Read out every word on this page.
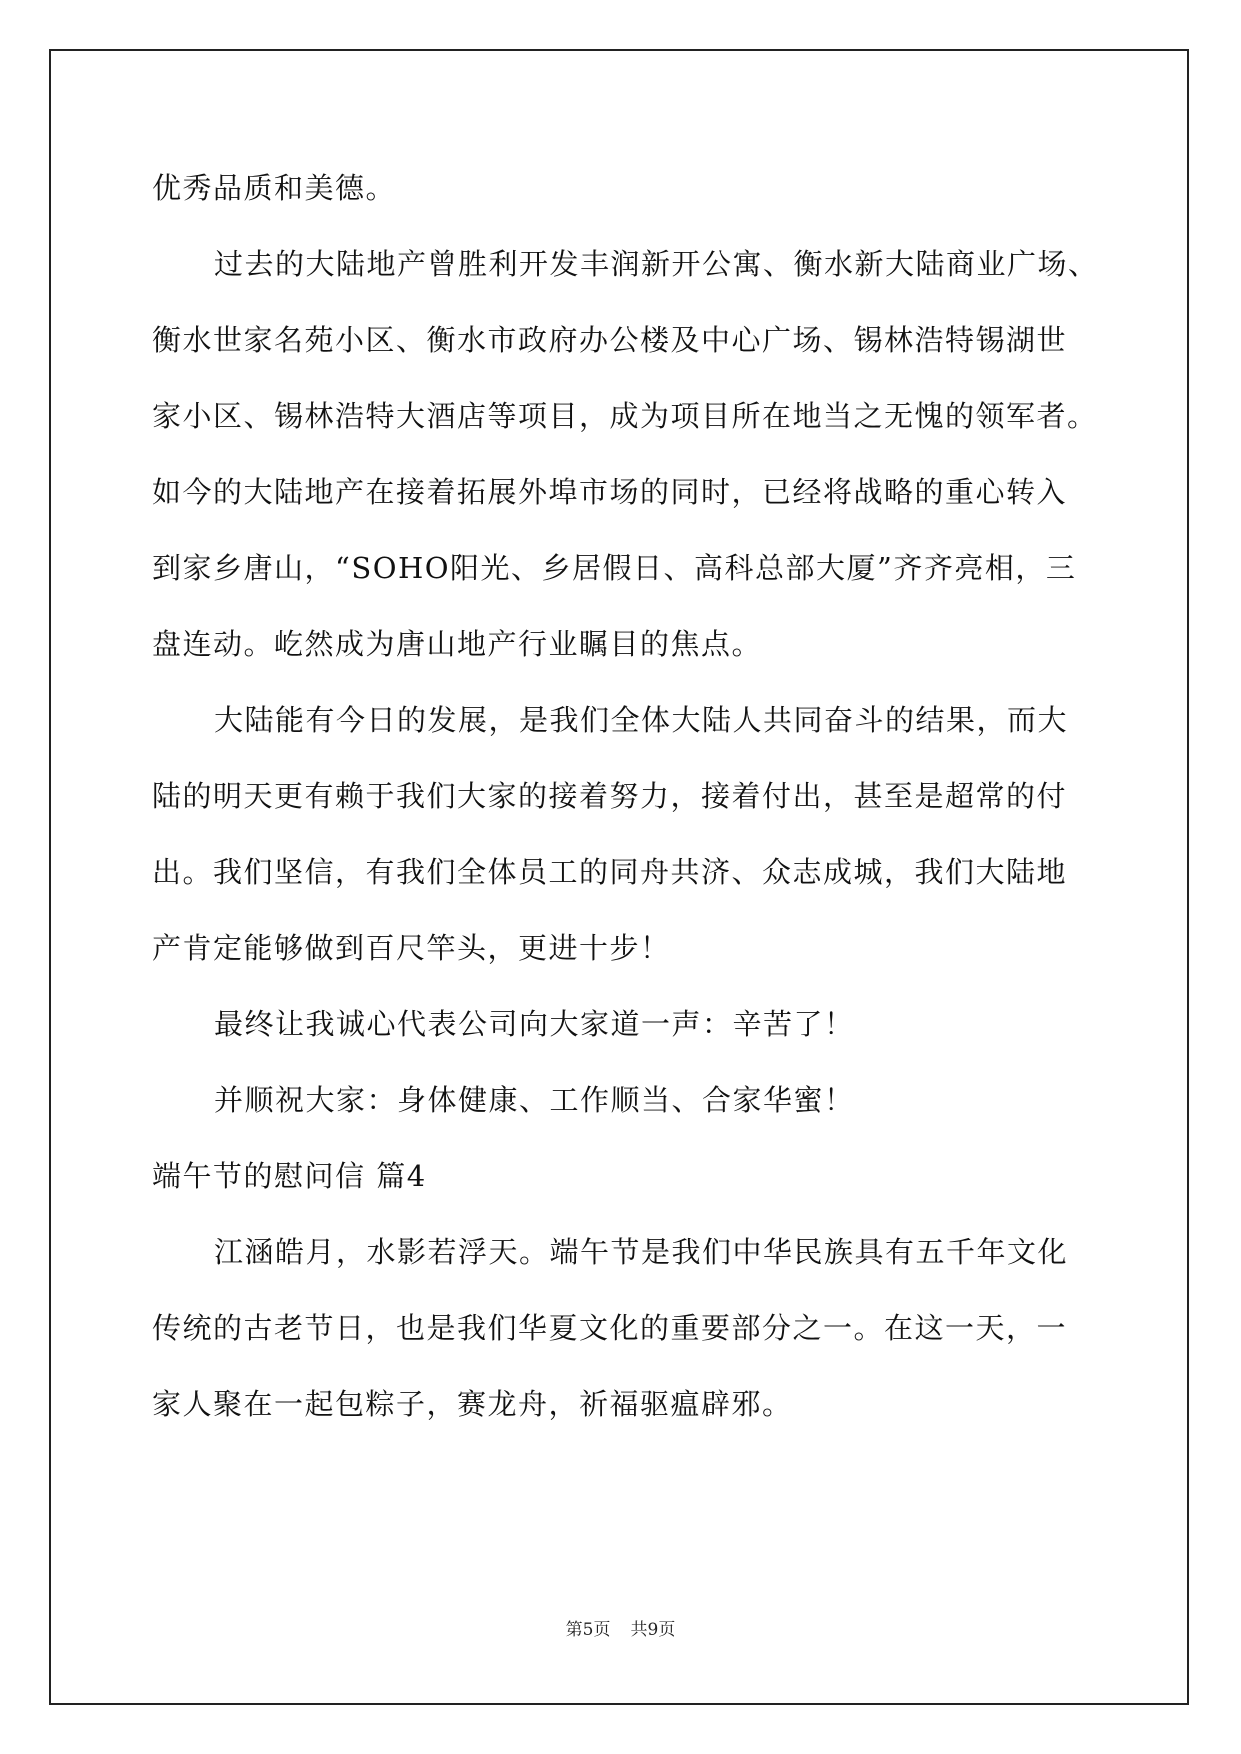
优秀品质和美德。
过去的大陆地产曾胜利开发丰润新开公寓、衡水新大陆商业广场、
衡水世家名苑小区、衡水市政府办公楼及中心广场、锡林浩特锡湖世
家小区、锡林浩特大酒店等项目，成为项目所在地当之无愧的领军者。
如今的大陆地产在接着拓展外埠市场的同时，已经将战略的重心转入
到家乡唐山，“SOHO阳光、乡居假日、高科总部大厦”齐齐亮相，三
盘连动。屹然成为唐山地产行业瞩目的焦点。
大陆能有今日的发展，是我们全体大陆人共同奋斗的结果，而大
陆的明天更有赖于我们大家的接着努力，接着付出，甚至是超常的付
出。我们坚信，有我们全体员工的同舟共济、众志成城，我们大陆地
产肯定能够做到百尺竿头，更进十步！
最终让我诚心代表公司向大家道一声：辛苦了！
并顺祝大家：身体健康、工作顺当、合家华蜜！
端午节的慰问信 篇4
江涵皓月，水影若浮天。端午节是我们中华民族具有五千年文化
传统的古老节日，也是我们华夏文化的重要部分之一。在这一天，一
家人聚在一起包粽子，赛龙舟，祈福驱瘟辟邪。
第5页 共9页
